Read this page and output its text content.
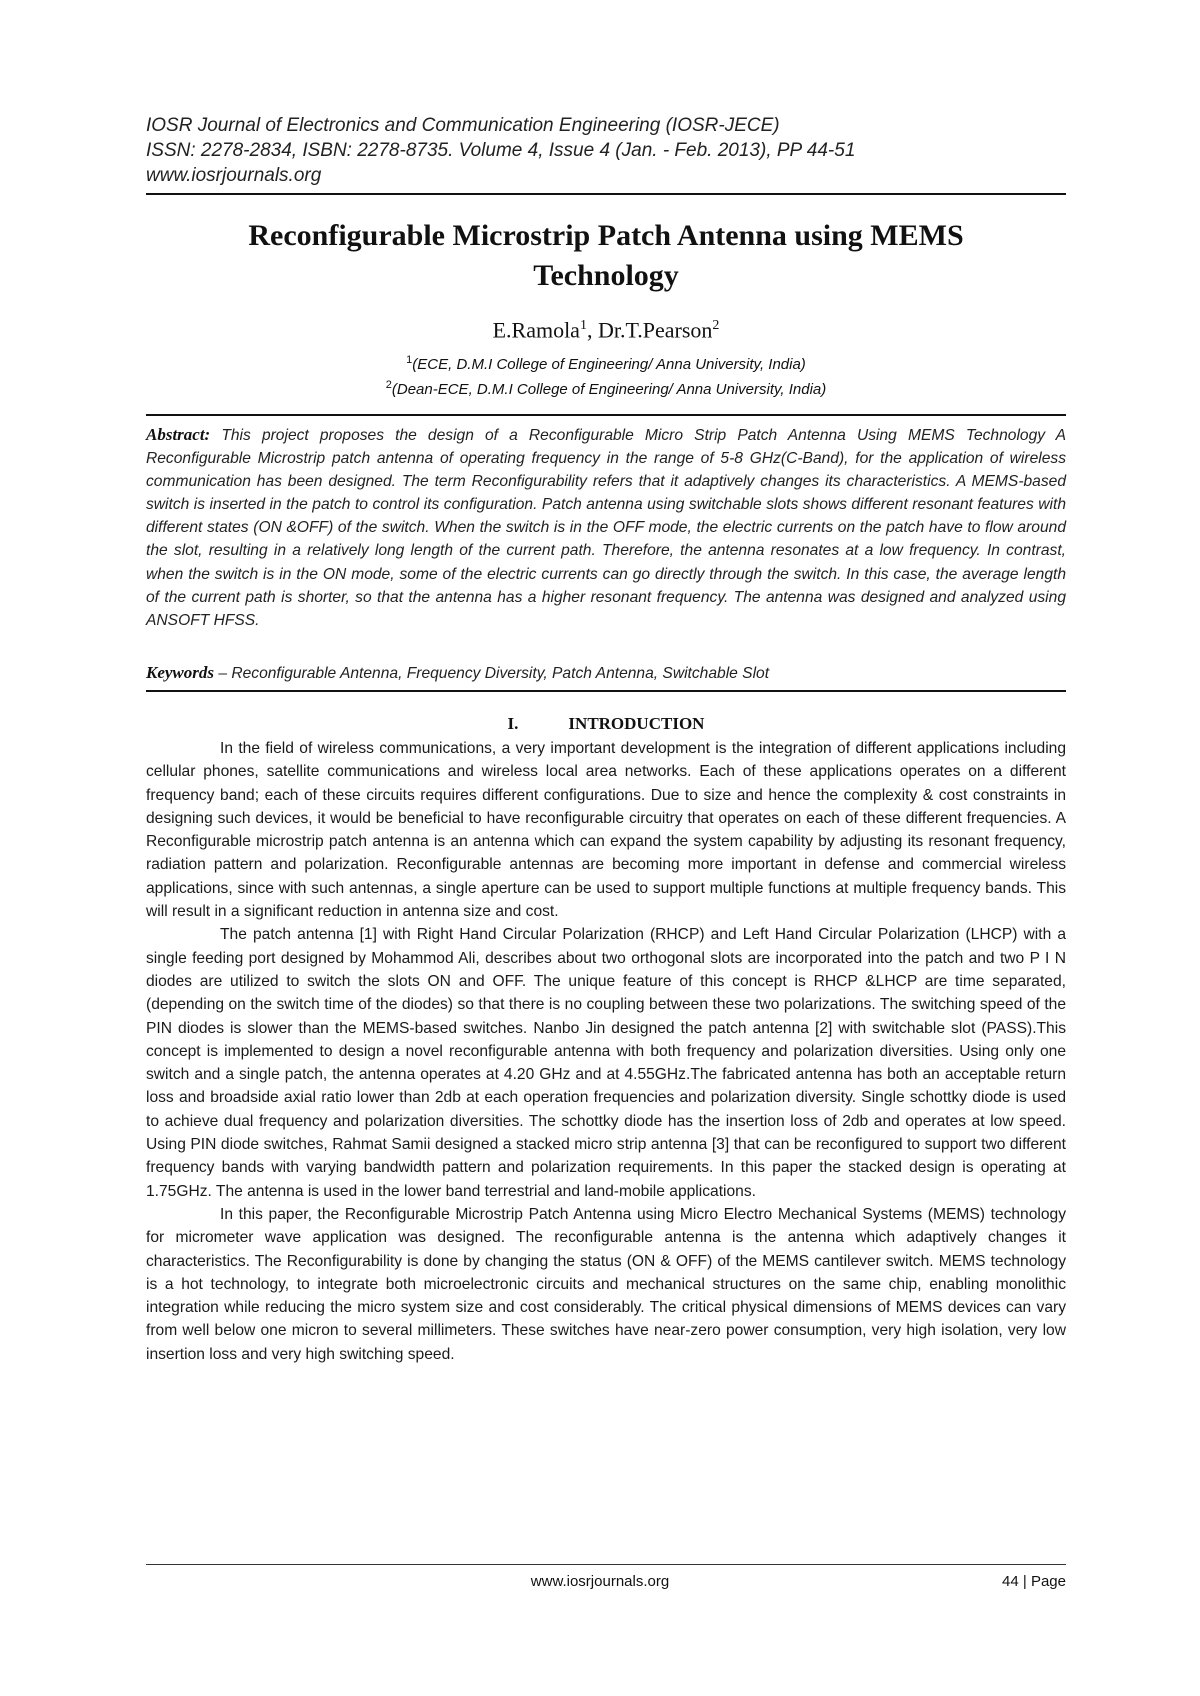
IOSR Journal of Electronics and Communication Engineering (IOSR-JECE)
ISSN: 2278-2834, ISBN: 2278-8735. Volume 4, Issue 4 (Jan. - Feb. 2013), PP 44-51
www.iosrjournals.org
Reconfigurable Microstrip Patch Antenna using MEMS
Technology
E.Ramola$^1$, Dr.T.Pearson$^2$
$^1$(ECE, D.M.I College of Engineering/ Anna University, India)
$^2$(Dean-ECE, D.M.I College of Engineering/ Anna University, India)
Abstract: This project proposes the design of a Reconfigurable Micro Strip Patch Antenna Using MEMS Technology A Reconfigurable Microstrip patch antenna of operating frequency in the range of 5-8 GHz(C-Band), for the application of wireless communication has been designed. The term Reconfigurability refers that it adaptively changes its characteristics. A MEMS-based switch is inserted in the patch to control its configuration. Patch antenna using switchable slots shows different resonant features with different states (ON &OFF) of the switch. When the switch is in the OFF mode, the electric currents on the patch have to flow around the slot, resulting in a relatively long length of the current path. Therefore, the antenna resonates at a low frequency. In contrast, when the switch is in the ON mode, some of the electric currents can go directly through the switch. In this case, the average length of the current path is shorter, so that the antenna has a higher resonant frequency. The antenna was designed and analyzed using ANSOFT HFSS.
Keywords – Reconfigurable Antenna, Frequency Diversity, Patch Antenna, Switchable Slot
I.	INTRODUCTION

In the field of wireless communications, a very important development is the integration of different applications including cellular phones, satellite communications and wireless local area networks. Each of these applications operates on a different frequency band; each of these circuits requires different configurations. Due to size and hence the complexity & cost constraints in designing such devices, it would be beneficial to have reconfigurable circuitry that operates on each of these different frequencies. A Reconfigurable microstrip patch antenna is an antenna which can expand the system capability by adjusting its resonant frequency, radiation pattern and polarization. Reconfigurable antennas are becoming more important in defense and commercial wireless applications, since with such antennas, a single aperture can be used to support multiple functions at multiple frequency bands. This will result in a significant reduction in antenna size and cost.

The patch antenna [1] with Right Hand Circular Polarization (RHCP) and Left Hand Circular Polarization (LHCP) with a single feeding port designed by Mohammod Ali, describes about two orthogonal slots are incorporated into the patch and two P I N diodes are utilized to switch the slots ON and OFF. The unique feature of this concept is RHCP &LHCP are time separated, (depending on the switch time of the diodes) so that there is no coupling between these two polarizations. The switching speed of the PIN diodes is slower than the MEMS-based switches. Nanbo Jin designed the patch antenna [2] with switchable slot (PASS).This concept is implemented to design a novel reconfigurable antenna with both frequency and polarization diversities. Using only one switch and a single patch, the antenna operates at 4.20 GHz and at 4.55GHz.The fabricated antenna has both an acceptable return loss and broadside axial ratio lower than 2db at each operation frequencies and polarization diversity. Single schottky diode is used to achieve dual frequency and polarization diversities. The schottky diode has the insertion loss of 2db and operates at low speed. Using PIN diode switches, Rahmat Samii designed a stacked micro strip antenna [3] that can be reconfigured to support two different frequency bands with varying bandwidth pattern and polarization requirements. In this paper the stacked design is operating at 1.75GHz. The antenna is used in the lower band terrestrial and land-mobile applications.

In this paper, the Reconfigurable Microstrip Patch Antenna using Micro Electro Mechanical Systems (MEMS) technology for micrometer wave application was designed. The reconfigurable antenna is the antenna which adaptively changes it characteristics. The Reconfigurability is done by changing the status (ON & OFF) of the MEMS cantilever switch. MEMS technology is a hot technology, to integrate both microelectronic circuits and mechanical structures on the same chip, enabling monolithic integration while reducing the micro system size and cost considerably. The critical physical dimensions of MEMS devices can vary from well below one micron to several millimeters. These switches have near-zero power consumption, very high isolation, very low insertion loss and very high switching speed.

www.iosrjournals.org	44 | Page
